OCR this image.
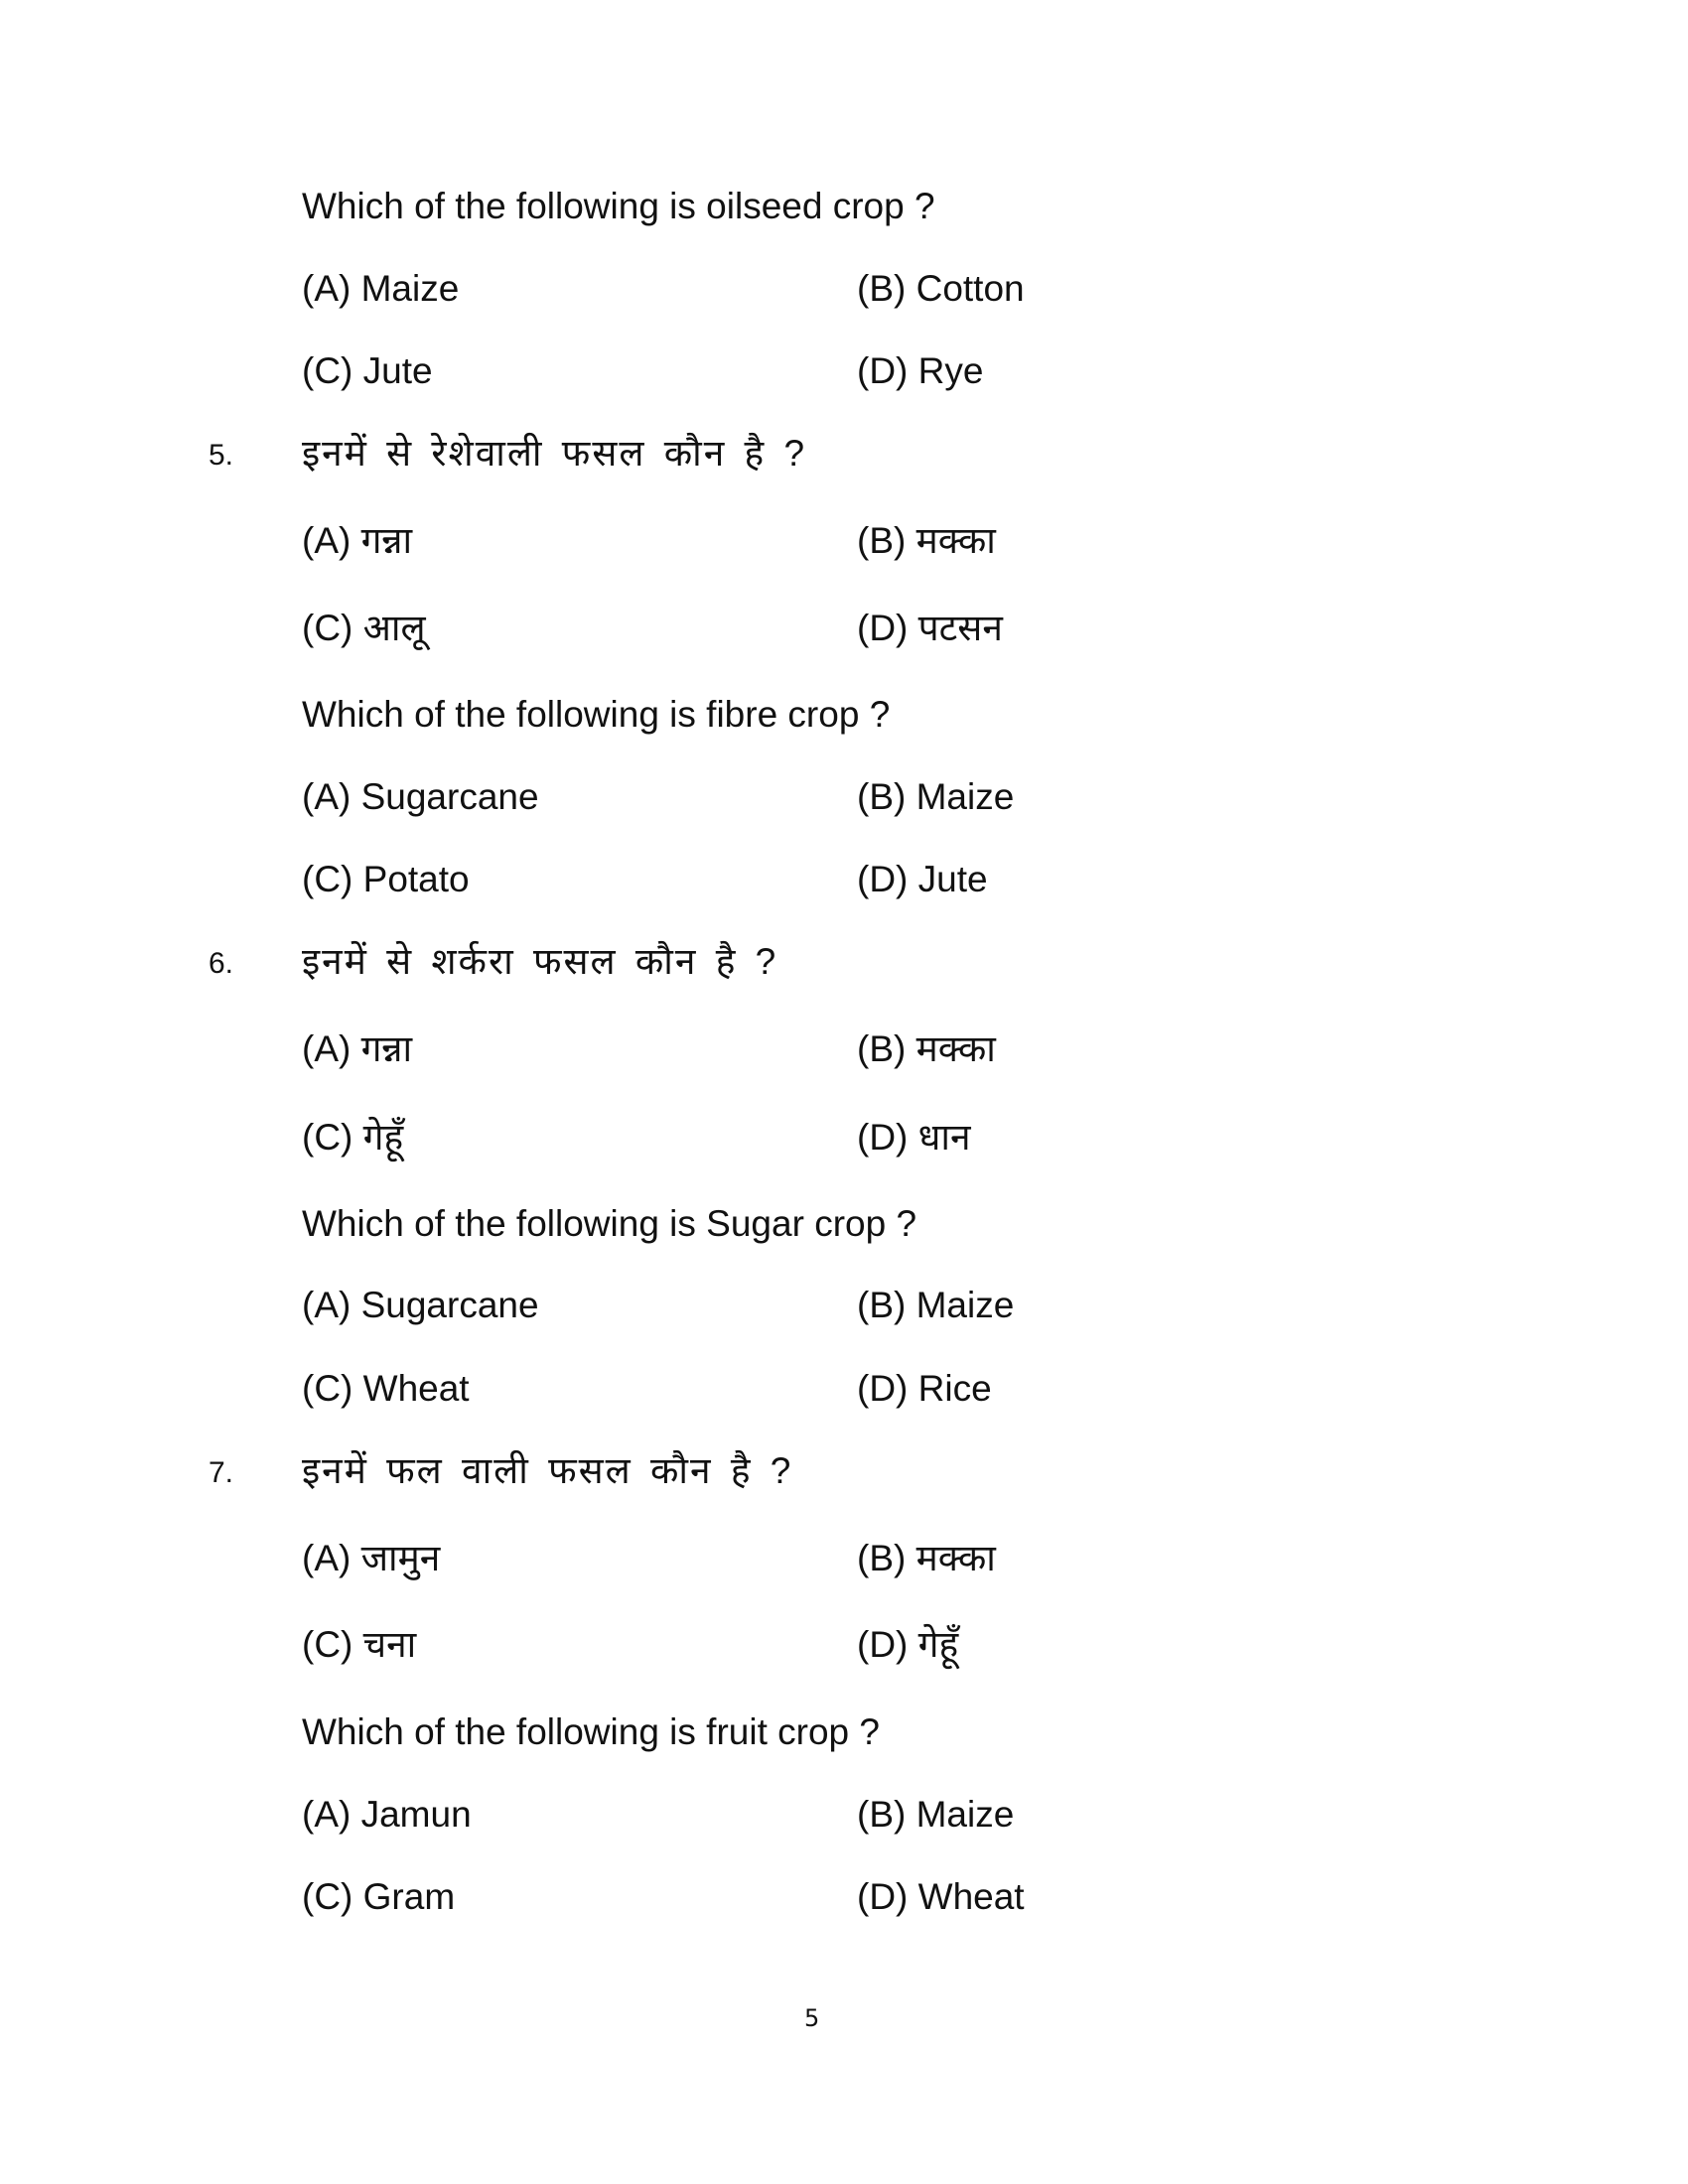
Which of the following is oilseed crop ?
(A) Maize	(B) Cotton
(C) Jute	(D) Rye
5. इनमें से रेशेवाली फसल कौन है ?
(A) गन्ना	(B) मक्का
(C) आलू	(D) पटसन
Which of the following is fibre crop ?
(A) Sugarcane	(B) Maize
(C) Potato	(D) Jute
6. इनमें से शर्करा फसल कौन है ?
(A) गन्ना	(B) मक्का
(C) गेहूँ	(D) धान
Which of the following is Sugar crop ?
(A) Sugarcane	(B) Maize
(C) Wheat	(D) Rice
7. इनमें फल वाली फसल कौन है ?
(A) जामुन	(B) मक्का
(C) चना	(D) गेहूँ
Which of the following is fruit crop ?
(A) Jamun	(B) Maize
(C) Gram	(D) Wheat
5
